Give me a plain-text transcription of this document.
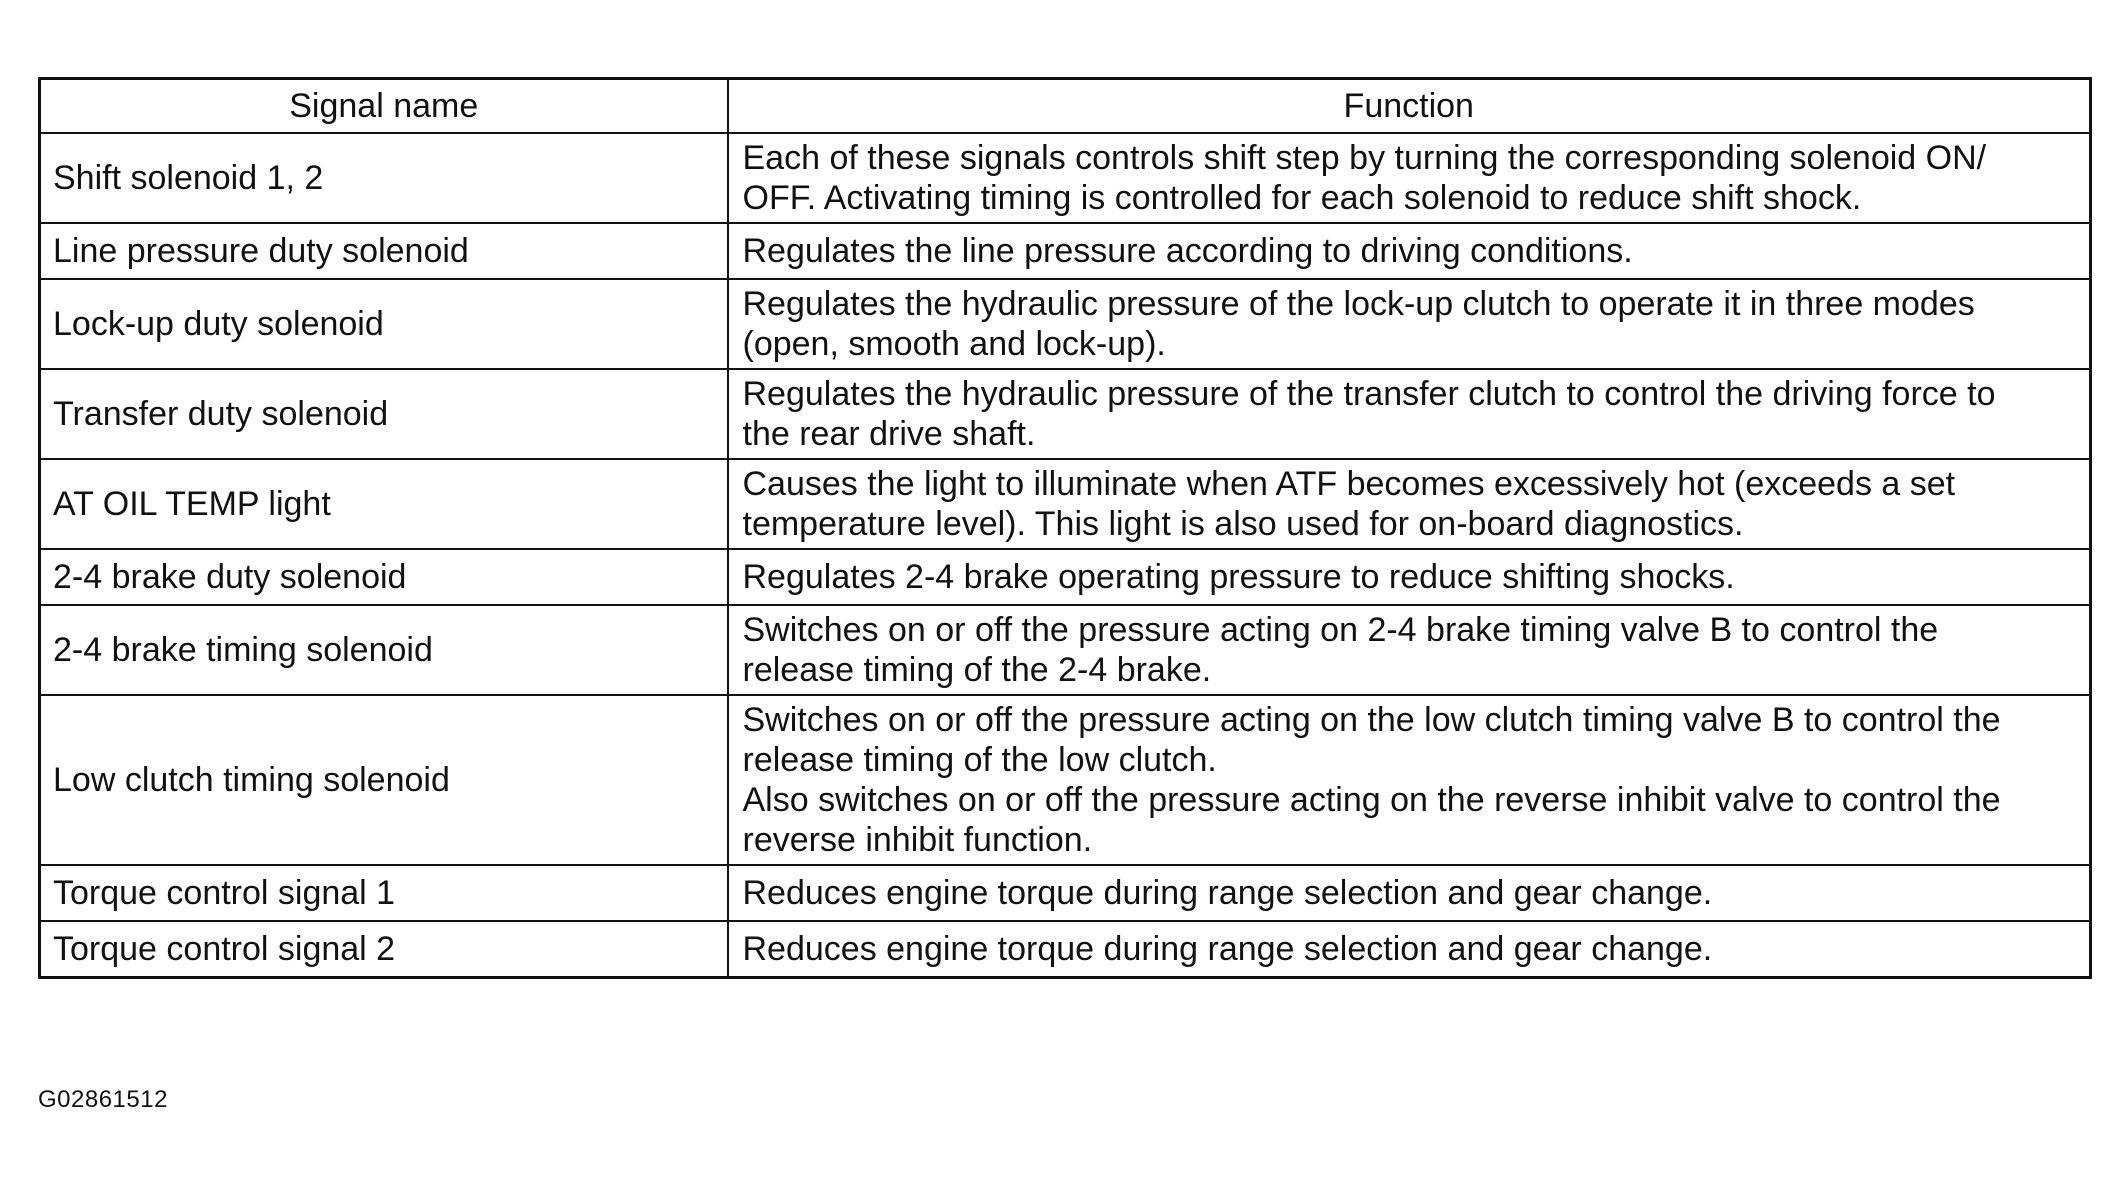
Signal name	Function
Shift solenoid 1, 2	Each of these signals controls shift step by turning the corresponding solenoid ON/
OFF. Activating timing is controlled for each solenoid to reduce shift shock.
Line pressure duty solenoid	Regulates the line pressure according to driving conditions.
Lock-up duty solenoid	Regulates the hydraulic pressure of the lock-up clutch to operate it in three modes
(open, smooth and lock-up).
Transfer duty solenoid	Regulates the hydraulic pressure of the transfer clutch to control the driving force to
the rear drive shaft.
AT OIL TEMP light	Causes the light to illuminate when ATF becomes excessively hot (exceeds a set
temperature level). This light is also used for on-board diagnostics.
2-4 brake duty solenoid	Regulates 2-4 brake operating pressure to reduce shifting shocks.
2-4 brake timing solenoid	Switches on or off the pressure acting on 2-4 brake timing valve B to control the
release timing of the 2-4 brake.
Low clutch timing solenoid	Switches on or off the pressure acting on the low clutch timing valve B to control the
release timing of the low clutch.
Also switches on or off the pressure acting on the reverse inhibit valve to control the
reverse inhibit function.
Torque control signal 1	Reduces engine torque during range selection and gear change.
Torque control signal 2	Reduces engine torque during range selection and gear change.
G02861512
